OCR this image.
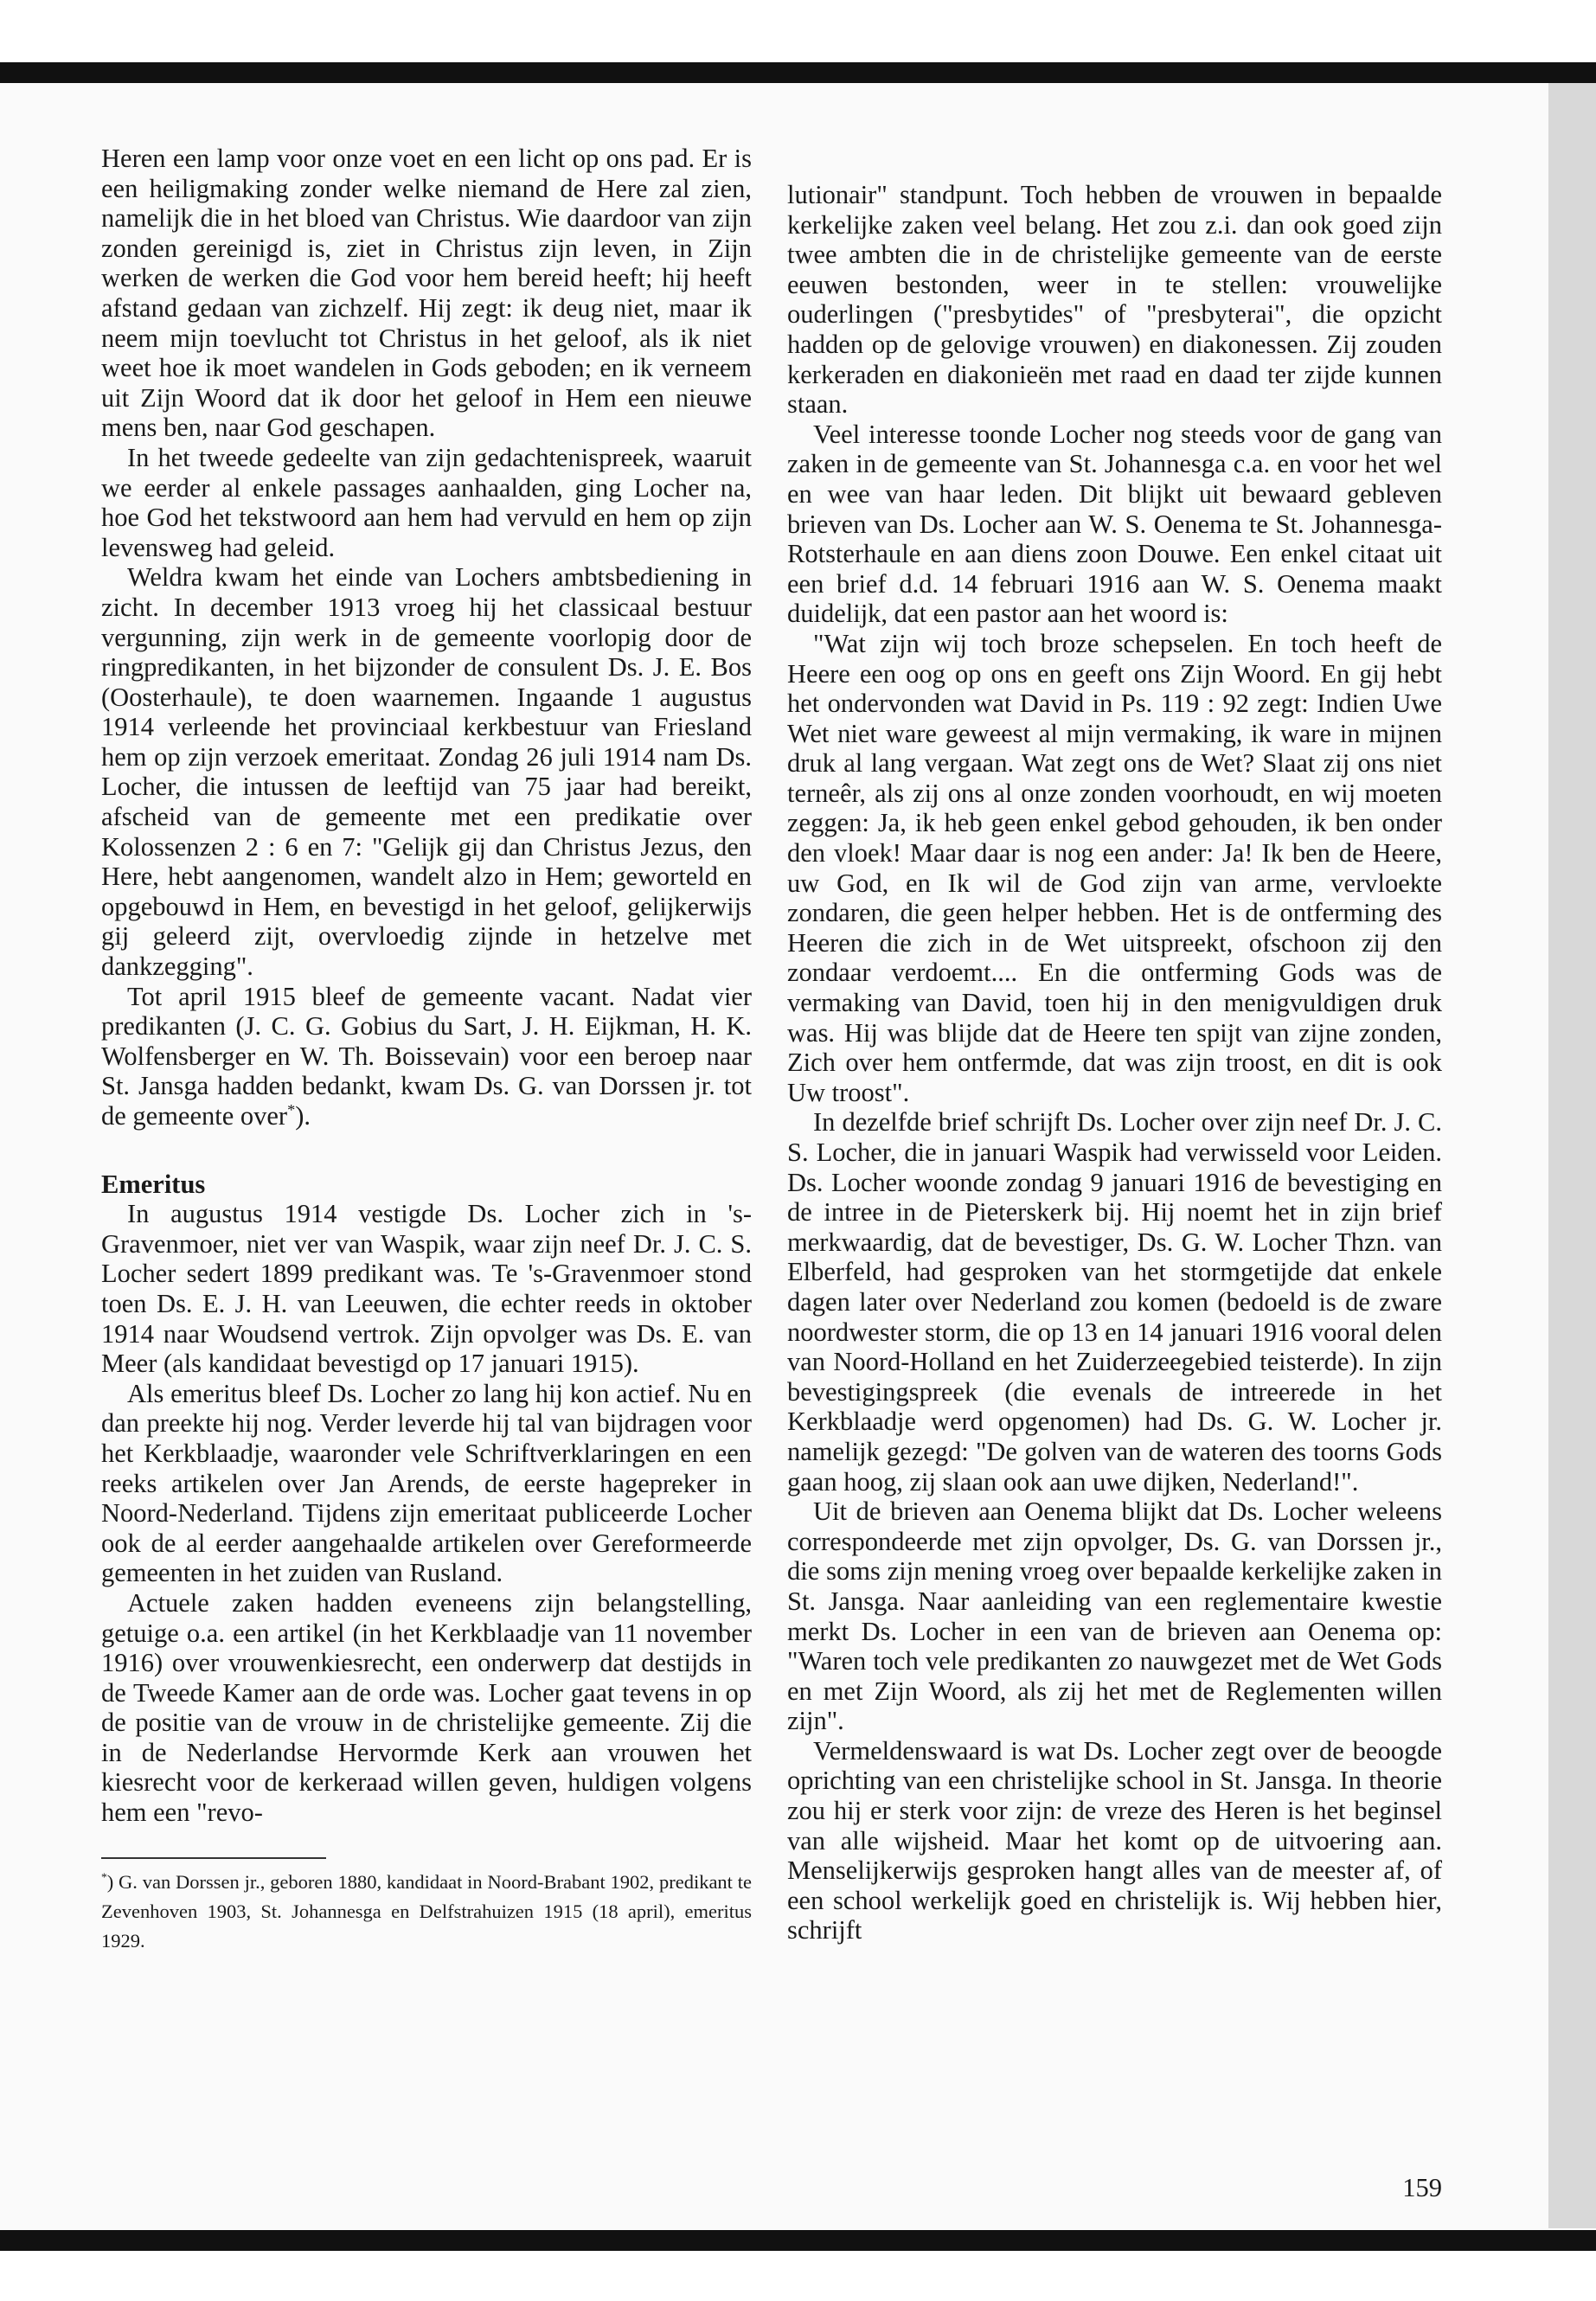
Heren een lamp voor onze voet en een licht op ons pad. Er is een heiligmaking zonder welke niemand de Here zal zien, namelijk die in het bloed van Christus. Wie daardoor van zijn zonden gereinigd is, ziet in Christus zijn leven, in Zijn werken de werken die God voor hem bereid heeft; hij heeft afstand gedaan van zichzelf. Hij zegt: ik deug niet, maar ik neem mijn toevlucht tot Christus in het geloof, als ik niet weet hoe ik moet wandelen in Gods geboden; en ik verneem uit Zijn Woord dat ik door het geloof in Hem een nieuwe mens ben, naar God geschapen.

In het tweede gedeelte van zijn gedachtenispreek, waaruit we eerder al enkele passages aanhaalden, ging Locher na, hoe God het tekstwoord aan hem had vervuld en hem op zijn levensweg had geleid.

Weldra kwam het einde van Lochers ambtsbediening in zicht. In december 1913 vroeg hij het classicaal bestuur vergunning, zijn werk in de gemeente voorlopig door de ringpredikanten, in het bijzonder de consulent Ds. J. E. Bos (Oosterhaule), te doen waarnemen. Ingaande 1 augustus 1914 verleende het provinciaal kerkbestuur van Friesland hem op zijn verzoek emeritaat. Zondag 26 juli 1914 nam Ds. Locher, die intussen de leeftijd van 75 jaar had bereikt, afscheid van de gemeente met een predikatie over Kolossenzen 2 : 6 en 7: "Gelijk gij dan Christus Jezus, den Here, hebt aangenomen, wandelt alzo in Hem; geworteld en opgebouwd in Hem, en bevestigd in het geloof, gelijkerwijs gij geleerd zijt, overvloedig zijnde in hetzelve met dankzegging".

Tot april 1915 bleef de gemeente vacant. Nadat vier predikanten (J. C. G. Gobius du Sart, J. H. Eijkman, H. K. Wolfensberger en W. Th. Boissevain) voor een beroep naar St. Jansga hadden bedankt, kwam Ds. G. van Dorssen jr. tot de gemeente over*).

Emeritus

In augustus 1914 vestigde Ds. Locher zich in 's-Gravenmoer, niet ver van Waspik, waar zijn neef Dr. J. C. S. Locher sedert 1899 predikant was. Te 's-Gravenmoer stond toen Ds. E. J. H. van Leeuwen, die echter reeds in oktober 1914 naar Woudsend vertrok. Zijn opvolger was Ds. E. van Meer (als kandidaat bevestigd op 17 januari 1915).

Als emeritus bleef Ds. Locher zo lang hij kon actief. Nu en dan preekte hij nog. Verder leverde hij tal van bijdragen voor het Kerkblaadje, waaronder vele Schriftverklaringen en een reeks artikelen over Jan Arends, de eerste hagepreker in Noord-Nederland. Tijdens zijn emeritaat publiceerde Locher ook de al eerder aangehaalde artikelen over Gereformeerde gemeenten in het zuiden van Rusland.

Actuele zaken hadden eveneens zijn belangstelling, getuige o.a. een artikel (in het Kerkblaadje van 11 november 1916) over vrouwenkiesrecht, een onderwerp dat destijds in de Tweede Kamer aan de orde was. Locher gaat tevens in op de positie van de vrouw in de christelijke gemeente. Zij die in de Nederlandse Hervormde Kerk aan vrouwen het kiesrecht voor de kerkeraad willen geven, huldigen volgens hem een "revo-

*) G. van Dorssen jr., geboren 1880, kandidaat in Noord-Brabant 1902, predikant te Zevenhoven 1903, St. Johannesga en Delfstrahuizen 1915 (18 april), emeritus 1929.

lutionair" standpunt. Toch hebben de vrouwen in bepaalde kerkelijke zaken veel belang. Het zou z.i. dan ook goed zijn twee ambten die in de christelijke gemeente van de eerste eeuwen bestonden, weer in te stellen: vrouwelijke ouderlingen ("presbytides" of "presbyterai", die opzicht hadden op de gelovige vrouwen) en diakonessen. Zij zouden kerkeraden en diakonieën met raad en daad ter zijde kunnen staan.

Veel interesse toonde Locher nog steeds voor de gang van zaken in de gemeente van St. Johannesga c.a. en voor het wel en wee van haar leden. Dit blijkt uit bewaard gebleven brieven van Ds. Locher aan W. S. Oenema te St. Johannesga-Rotsterhaule en aan diens zoon Douwe. Een enkel citaat uit een brief d.d. 14 februari 1916 aan W. S. Oenema maakt duidelijk, dat een pastor aan het woord is:

"Wat zijn wij toch broze schepselen. En toch heeft de Heere een oog op ons en geeft ons Zijn Woord. En gij hebt het ondervonden wat David in Ps. 119 : 92 zegt: Indien Uwe Wet niet ware geweest al mijn vermaking, ik ware in mijnen druk al lang vergaan. Wat zegt ons de Wet? Slaat zij ons niet terneêr, als zij ons al onze zonden voorhoudt, en wij moeten zeggen: Ja, ik heb geen enkel gebod gehouden, ik ben onder den vloek! Maar daar is nog een ander: Ja! Ik ben de Heere, uw God, en Ik wil de God zijn van arme, vervloekte zondaren, die geen helper hebben. Het is de ontferming des Heeren die zich in de Wet uitspreekt, ofschoon zij den zondaar verdoemt.... En die ontferming Gods was de vermaking van David, toen hij in den menigvuldigen druk was. Hij was blijde dat de Heere ten spijt van zijne zonden, Zich over hem ontfermde, dat was zijn troost, en dit is ook Uw troost".

In dezelfde brief schrijft Ds. Locher over zijn neef Dr. J. C. S. Locher, die in januari Waspik had verwisseld voor Leiden. Ds. Locher woonde zondag 9 januari 1916 de bevestiging en de intree in de Pieterskerk bij. Hij noemt het in zijn brief merkwaardig, dat de bevestiger, Ds. G. W. Locher Thzn. van Elberfeld, had gesproken van het stormgetijde dat enkele dagen later over Nederland zou komen (bedoeld is de zware noordwester storm, die op 13 en 14 januari 1916 vooral delen van Noord-Holland en het Zuiderzeegebied teisterde). In zijn bevestigingspreek (die evenals de intreerede in het Kerkblaadje werd opgenomen) had Ds. G. W. Locher jr. namelijk gezegd: "De golven van de wateren des toorns Gods gaan hoog, zij slaan ook aan uwe dijken, Nederland!".

Uit de brieven aan Oenema blijkt dat Ds. Locher weleens correspondeerde met zijn opvolger, Ds. G. van Dorssen jr., die soms zijn mening vroeg over bepaalde kerkelijke zaken in St. Jansga. Naar aanleiding van een reglementaire kwestie merkt Ds. Locher in een van de brieven aan Oenema op: "Waren toch vele predikanten zo nauwgezet met de Wet Gods en met Zijn Woord, als zij het met de Reglementen willen zijn".

Vermeldenswaard is wat Ds. Locher zegt over de beoogde oprichting van een christelijke school in St. Jansga. In theorie zou hij er sterk voor zijn: de vreze des Heren is het beginsel van alle wijsheid. Maar het komt op de uitvoering aan. Menselijkerwijs gesproken hangt alles van de meester af, of een school werkelijk goed en christelijk is. Wij hebben hier, schrijft

159
